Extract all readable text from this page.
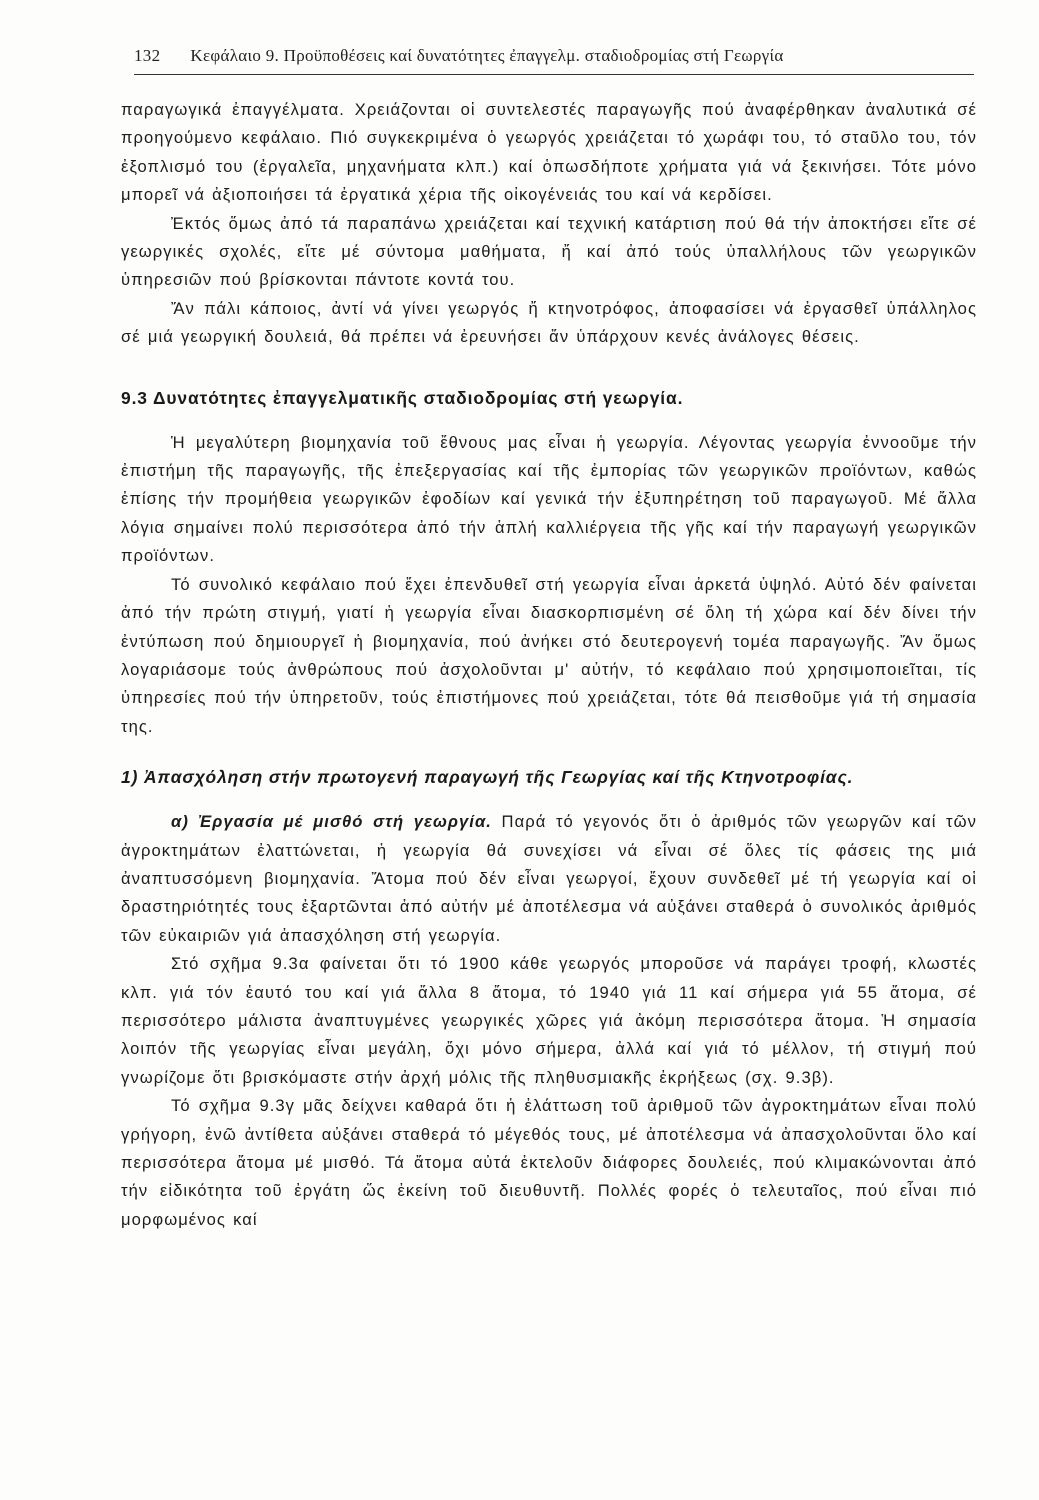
132 Κεφάλαιο 9. Προϋποθέσεις καί δυνατότητες ἐπαγγελμ. σταδιοδρομίας στή Γεωργία

παραγωγικά ἐπαγγέλματα. Χρειάζονται οἱ συντελεστές παραγωγῆς πού ἀναφέρθηκαν ἀναλυτικά σέ προηγούμενο κεφάλαιο. Πιό συγκεκριμένα ὁ γεωργός χρειάζεται τό χωράφι του, τό σταῦλο του, τόν ἐξοπλισμό του (ἐργαλεῖα, μηχανήματα κλπ.) καί ὁπωσδήποτε χρήματα γιά νά ξεκινήσει. Τότε μόνο μπορεῖ νά ἀξιοποιήσει τά ἐργατικά χέρια τῆς οἰκογένειάς του καί νά κερδίσει.

Ἐκτός ὅμως ἀπό τά παραπάνω χρειάζεται καί τεχνική κατάρτιση πού θά τήν ἀποκτήσει εἴτε σέ γεωργικές σχολές, εἴτε μέ σύντομα μαθήματα, ἤ καί ἀπό τούς ὑπαλλήλους τῶν γεωργικῶν ὑπηρεσιῶν πού βρίσκονται πάντοτε κοντά του.

Ἄν πάλι κάποιος, ἀντί νά γίνει γεωργός ἤ κτηνοτρόφος, ἀποφασίσει νά ἐργασθεῖ ὑπάλληλος σέ μιά γεωργική δουλειά, θά πρέπει νά ἐρευνήσει ἄν ὑπάρχουν κενές ἀνάλογες θέσεις.

9.3 Δυνατότητες ἐπαγγελματικῆς σταδιοδρομίας στή γεωργία.

Ἡ μεγαλύτερη βιομηχανία τοῦ ἔθνους μας εἶναι ἡ γεωργία. Λέγοντας γεωργία ἐννοοῦμε τήν ἐπιστήμη τῆς παραγωγῆς, τῆς ἐπεξεργασίας καί τῆς ἐμπορίας τῶν γεωργικῶν προϊόντων, καθώς ἐπίσης τήν προμήθεια γεωργικῶν ἐφοδίων καί γενικά τήν ἐξυπηρέτηση τοῦ παραγωγοῦ. Μέ ἄλλα λόγια σημαίνει πολύ περισσότερα ἀπό τήν ἁπλή καλλιέργεια τῆς γῆς καί τήν παραγωγή γεωργικῶν προϊόντων.

Τό συνολικό κεφάλαιο πού ἔχει ἐπενδυθεῖ στή γεωργία εἶναι ἀρκετά ὑψηλό. Αὐτό δέν φαίνεται ἀπό τήν πρώτη στιγμή, γιατί ἡ γεωργία εἶναι διασκορπισμένη σέ ὅλη τή χώρα καί δέν δίνει τήν ἐντύπωση πού δημιουργεῖ ἡ βιομηχανία, πού ἀνήκει στό δευτερογενή τομέα παραγωγῆς. Ἄν ὅμως λογαριάσομε τούς ἀνθρώπους πού ἀσχολοῦνται μ' αὐτήν, τό κεφάλαιο πού χρησιμοποιεῖται, τίς ὑπηρεσίες πού τήν ὑπηρετοῦν, τούς ἐπιστήμονες πού χρειάζεται, τότε θά πεισθοῦμε γιά τή σημασία της.

1) Ἀπασχόληση στήν πρωτογενή παραγωγή τῆς Γεωργίας καί τῆς Κτηνοτροφίας.

α) Ἐργασία μέ μισθό στή γεωργία. Παρά τό γεγονός ὅτι ὁ ἀριθμός τῶν γεωργῶν καί τῶν ἀγροκτημάτων ἐλαττώνεται, ἡ γεωργία θά συνεχίσει νά εἶναι σέ ὅλες τίς φάσεις της μιά ἀναπτυσσόμενη βιομηχανία. Ἄτομα πού δέν εἶναι γεωργοί, ἔχουν συνδεθεῖ μέ τή γεωργία καί οἱ δραστηριότητές τους ἐξαρτῶνται ἀπό αὐτήν μέ ἀποτέλεσμα νά αὐξάνει σταθερά ὁ συνολικός ἀριθμός τῶν εὐκαιριῶν γιά ἀπασχόληση στή γεωργία.

Στό σχῆμα 9.3α φαίνεται ὅτι τό 1900 κάθε γεωργός μποροῦσε νά παράγει τροφή, κλωστές κλπ. γιά τόν ἑαυτό του καί γιά ἄλλα 8 ἄτομα, τό 1940 γιά 11 καί σήμερα γιά 55 ἄτομα, σέ περισσότερο μάλιστα ἀναπτυγμένες γεωργικές χῶρες γιά ἀκόμη περισσότερα ἄτομα. Ἡ σημασία λοιπόν τῆς γεωργίας εἶναι μεγάλη, ὄχι μόνο σήμερα, ἀλλά καί γιά τό μέλλον, τή στιγμή πού γνωρίζομε ὅτι βρισκόμαστε στήν ἀρχή μόλις τῆς πληθυσμιακῆς ἐκρήξεως (σχ. 9.3β).

Τό σχῆμα 9.3γ μᾶς δείχνει καθαρά ὅτι ἡ ἐλάττωση τοῦ ἀριθμοῦ τῶν ἀγροκτημάτων εἶναι πολύ γρήγορη, ἐνῶ ἀντίθετα αὐξάνει σταθερά τό μέγεθός τους, μέ ἀποτέλεσμα νά ἀπασχολοῦνται ὅλο καί περισσότερα ἄτομα μέ μισθό. Τά ἄτομα αὐτά ἐκτελοῦν διάφορες δουλειές, πού κλιμακώνονται ἀπό τήν εἰδικότητα τοῦ ἐργάτη ὥς ἐκείνη τοῦ διευθυντῆ. Πολλές φορές ὁ τελευταῖος, πού εἶναι πιό μορφωμένος καί
